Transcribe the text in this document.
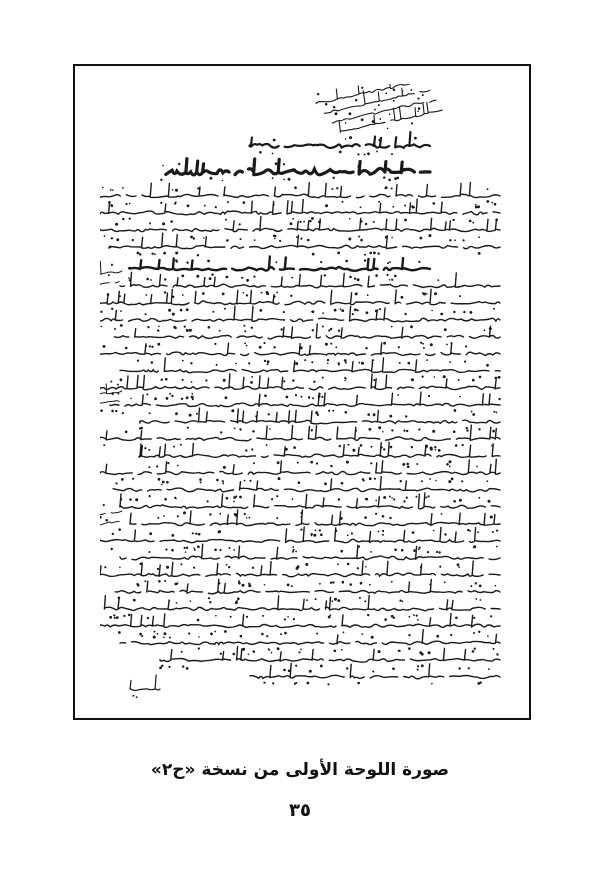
صورة اللوحة الأولى من نسخة «ح٢»
٣٥
